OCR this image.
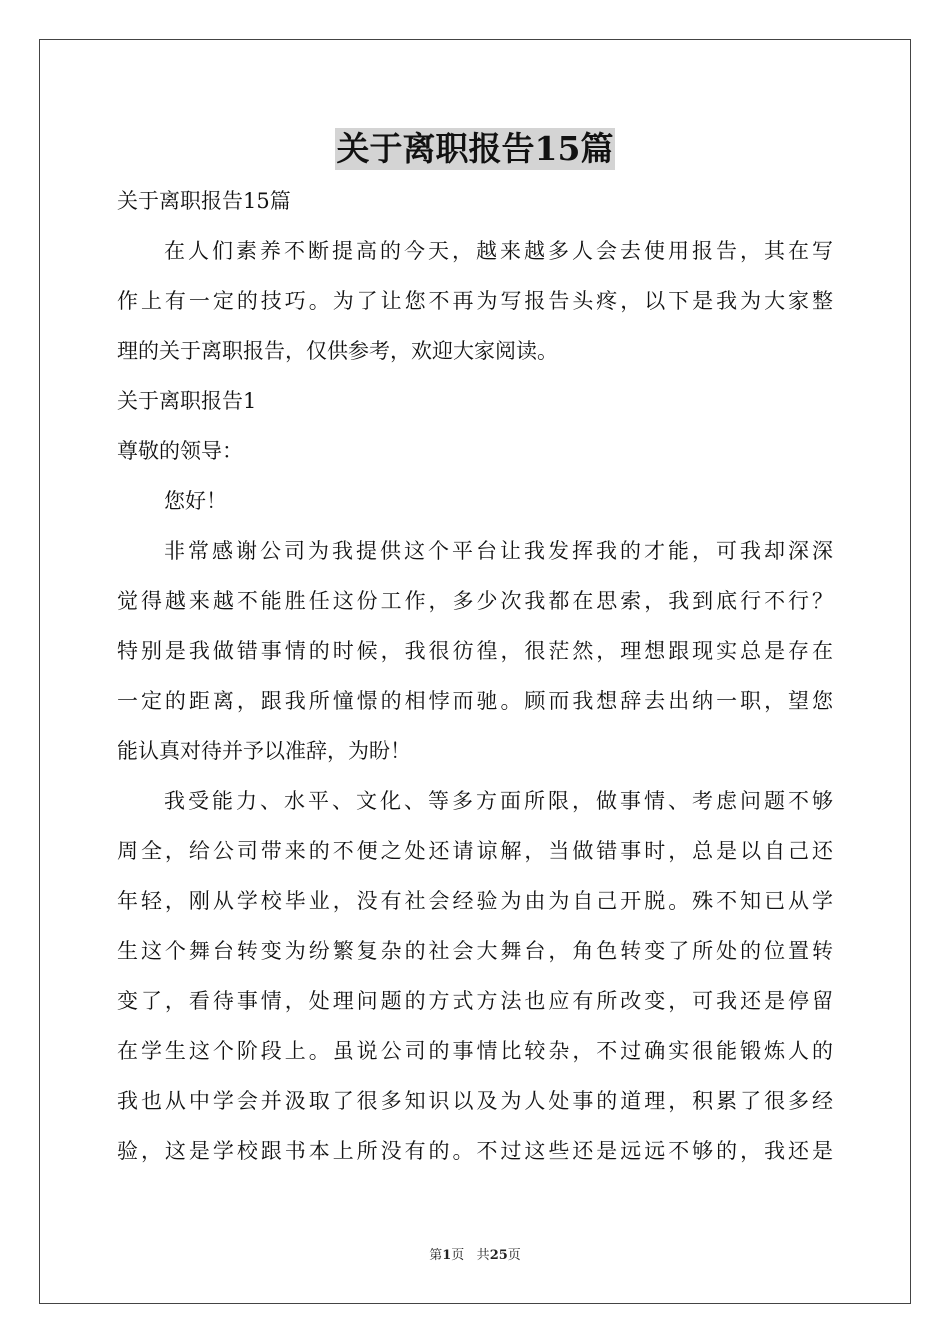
关于离职报告15篇
关于离职报告15篇
在人们素养不断提高的今天，越来越多人会去使用报告，其在写
作上有一定的技巧。为了让您不再为写报告头疼，以下是我为大家整
理的关于离职报告，仅供参考，欢迎大家阅读。
关于离职报告1
尊敬的领导：
您好！
非常感谢公司为我提供这个平台让我发挥我的才能，可我却深深
觉得越来越不能胜任这份工作，多少次我都在思索，我到底行不行？
特别是我做错事情的时候，我很彷徨，很茫然，理想跟现实总是存在
一定的距离，跟我所憧憬的相悖而驰。顾而我想辞去出纳一职，望您
能认真对待并予以准辞，为盼！
我受能力、水平、文化、等多方面所限，做事情、考虑问题不够
周全，给公司带来的不便之处还请谅解，当做错事时，总是以自己还
年轻，刚从学校毕业，没有社会经验为由为自己开脱。殊不知已从学
生这个舞台转变为纷繁复杂的社会大舞台，角色转变了所处的位置转
变了，看待事情，处理问题的方式方法也应有所改变，可我还是停留
在学生这个阶段上。虽说公司的事情比较杂，不过确实很能锻炼人的
我也从中学会并汲取了很多知识以及为人处事的道理，积累了很多经
验，这是学校跟书本上所没有的。不过这些还是远远不够的，我还是
第1页 共25页
